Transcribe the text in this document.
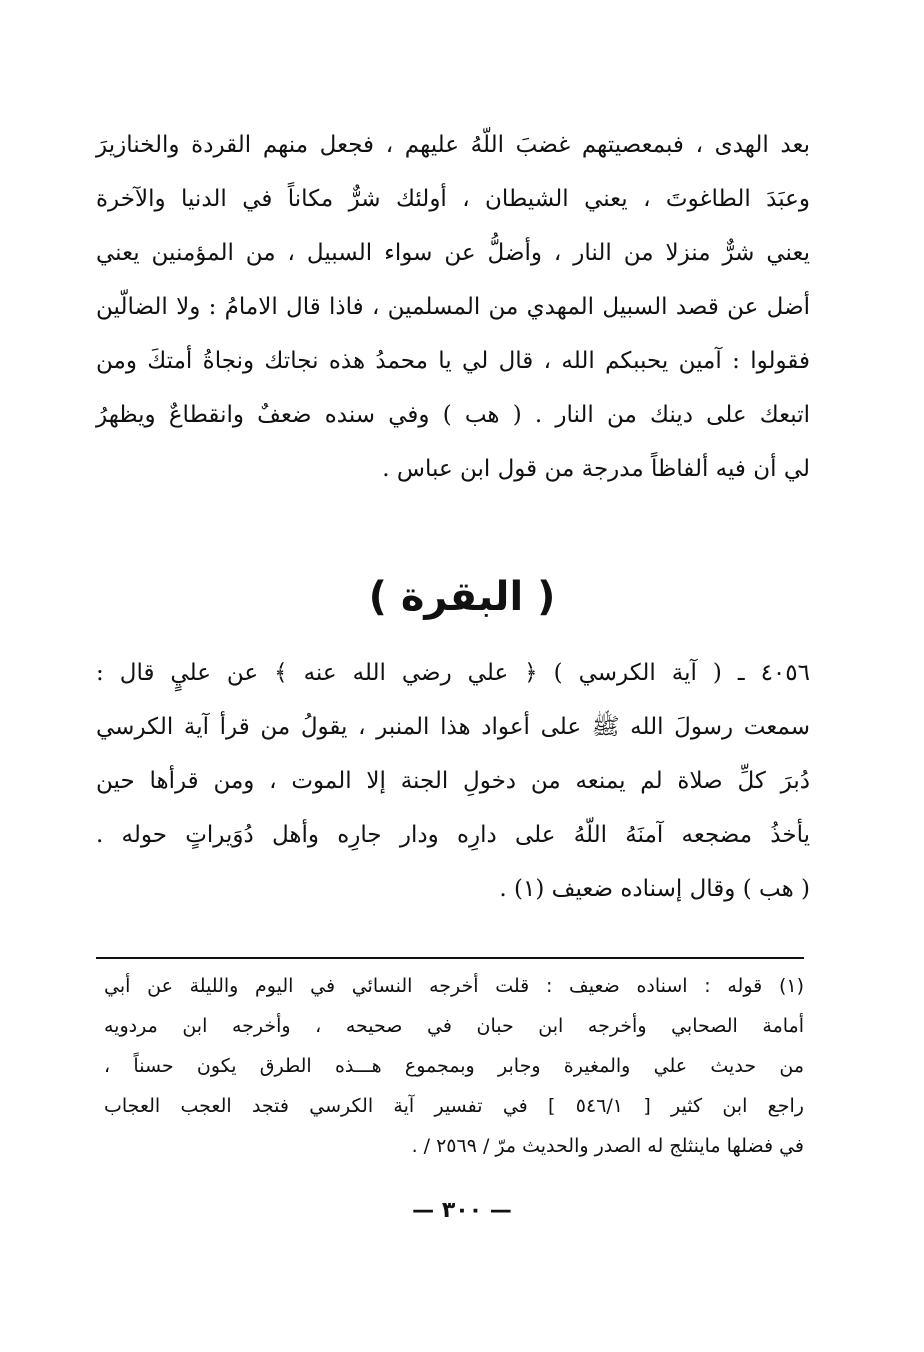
بعد الهدى ، فبمعصيتهم غضبَ اللّهُ عليهم ، فجعل منهم القردة والخنازيرَ
وعبَدَ الطاغوتَ ، يعني الشيطان ، أولئك شرٌّ مكاناً في الدنيا والآخرة
يعني شرٌّ منزلا من النار ، وأضلُّ عن سواء السبيل ، من المؤمنين يعني
أضل عن قصد السبيل المهدي من المسلمين ، فاذا قال الامامُ : ولا الضالّين
فقولوا : آمين يحببكم الله ، قال لي يا محمدُ هذه نجاتك ونجاةُ أمتكَ ومن
اتبعك على دينك من النار . ( هب ) وفي سنده ضعفٌ وانقطاعٌ ويظهرُ
لي أن فيه ألفاظاً مدرجة من قول ابن عباس .
( البقرة )
٤٠٥٦ ـ ( آية الكرسي ) ﴿ علي رضي الله عنه ﴾ عن عليٍ قال :
سمعت رسولَ الله ﷺ على أعواد هذا المنبر ، يقولُ من قرأ آية الكرسي
دُبرَ كلِّ صلاة لم يمنعه من دخولِ الجنة إلا الموت ، ومن قرأها حين
يأخذُ مضجعه آمنَهُ اللّهُ على دارِه ودار جارِه وأهل دُوَيراتٍ حوله .
( هب ) وقال إسناده ضعيف (١) .
(١) قوله : اسناده ضعيف : قلت أخرجه النسائي في اليوم والليلة عن أبي
أمامة الصحابي وأخرجه ابن حبان في صحيحه ، وأخرجه ابن مردويه
من حديث علي والمغيرة وجابر وبمجموع هـــذه الطرق يكون حسناً ،
راجع ابن كثير [ ٥٤٦/١ ] في تفسير آية الكرسي فتجد العجب العجاب
في فضلها ماينثلج له الصدر والحديث مرّ / ٢٥٦٩ / .
— ٣٠٠ —
